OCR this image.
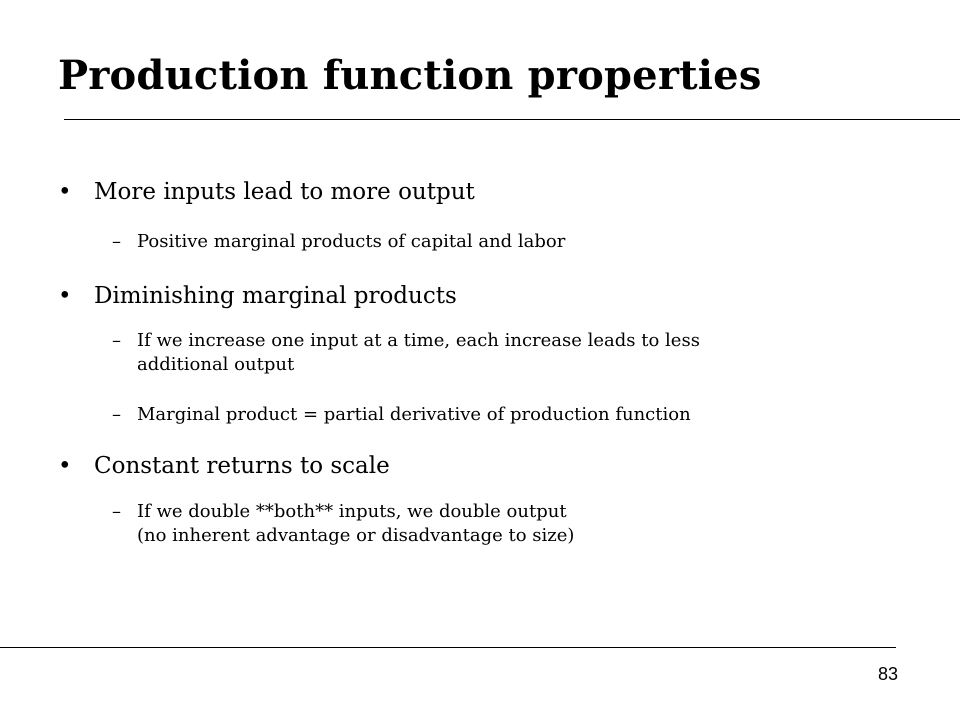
Production function properties
• More inputs lead to more output
– Positive marginal products of capital and labor
• Diminishing marginal products
– If we increase one input at a time, each increase leads to less
additional output
– Marginal product = partial derivative of production function
• Constant returns to scale
– If we double **both** inputs, we double output
(no inherent advantage or disadvantage to size)
83
